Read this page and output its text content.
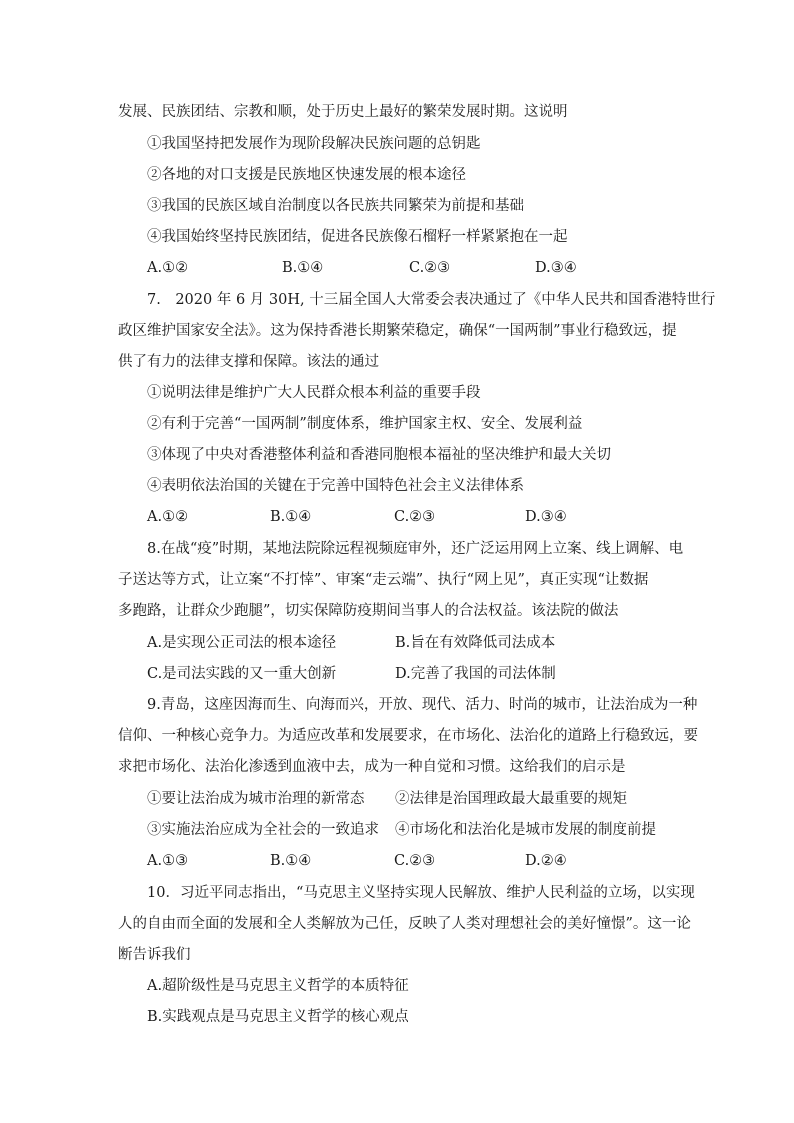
发展、民族团结、宗教和顺，处于历史上最好的繁荣发展时期。这说明
①我国坚持把发展作为现阶段解决民族问题的总钥匙
②各地的对口支援是民族地区快速发展的根本途径
③我国的民族区域自治制度以各民族共同繁荣为前提和基础
④我国始终坚持民族团结，促进各民族像石榴籽一样紧紧抱在一起
A.①②	B.①④	C.②③	D.③④
7.　2020 年 6 月 30H, 十三届全国人大常委会表决通过了《中华人民共和国香港特世行
政区维护国家安全法》。这为保持香港长期繁荣稳定，确保“一国两制”事业行稳致远，提
供了有力的法律支撑和保障。该法的通过
①说明法律是维护广大人民群众根本利益的重要手段
②有利于完善“一国两制”制度体系，维护国家主权、安全、发展利益
③体现了中央对香港整体利益和香港同胞根本福祉的坚决维护和最大关切
④表明依法治国的关键在于完善中国特色社会主义法律体系
A.①②	B.①④	C.②③	D.③④
8.在战“疫”时期，某地法院除远程视频庭审外，还广泛运用网上立案、线上调解、电
子送达等方式，让立案“不打悻”、审案“走云端”、执行“网上见”，真正实现“让数据
多跑路，让群众少跑腿”，切实保障防疫期间当事人的合法权益。该法院的做法
A.是实现公正司法的根本途径	B.旨在有效降低司法成本
C.是司法实践的又一重大创新	D.完善了我国的司法体制
9.青岛，这座因海而生、向海而兴，开放、现代、活力、时尚的城市，让法治成为一种
信仰、一种核心竞争力。为适应改革和发展要求，在市场化、法治化的道路上行稳致远，要
求把市场化、法治化渗透到血液中去，成为一种自觉和习惯。这给我们的启示是
①要让法治成为城市治理的新常态 ②法律是治国理政最大最重要的规矩
③实施法治应成为全社会的一致追求 ④市场化和法治化是城市发展的制度前提
A.①③	B.①④	C.②③	D.②④
10．习近平同志指出，“马克思主义坚持实现人民解放、维护人民利益的立场，以实现
人的自由而全面的发展和全人类解放为己任，反映了人类对理想社会的美好憧憬”。这一论
断告诉我们
A.超阶级性是马克思主义哲学的本质特征
B.实践观点是马克思主义哲学的核心观点
